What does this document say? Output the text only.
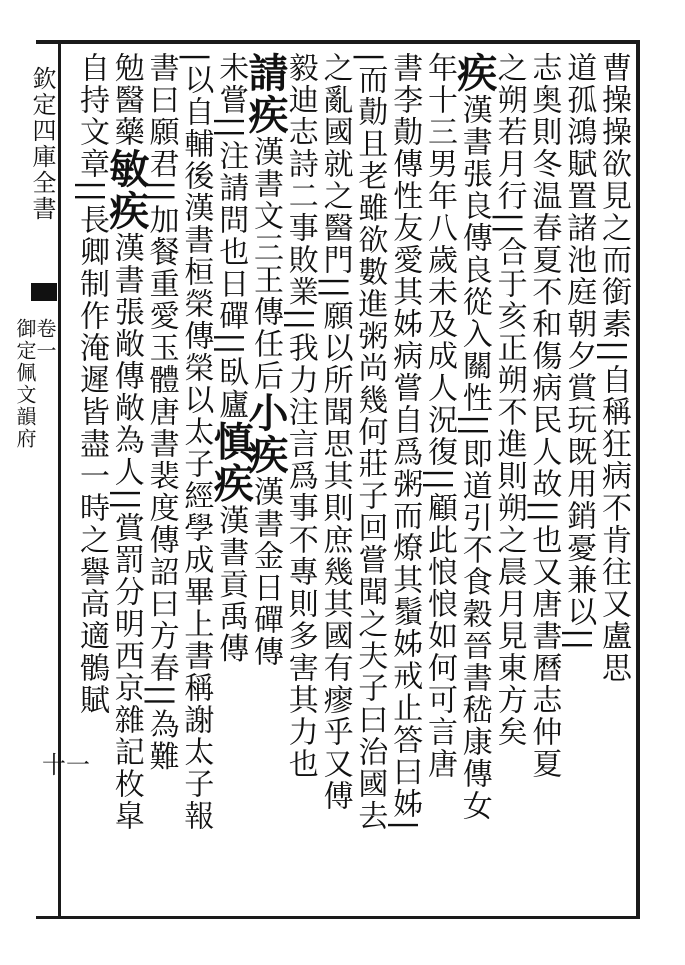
欽定四庫全書
御定佩文韻府
卷一
十一
曹操操欲見之而銜素||自稱狂病不肯往又盧思
道孤鴻賦置諸池庭朝夕賞玩既用銷憂兼以||
志奥則冬温春夏不和傷病民人故||也又唐書曆志仲夏
之朔若月行||合于亥正朔不進則朔之晨月見東方矣
疾漢書張良傳良從入關性||即道引不食穀晉書嵇康傳女
年十三男年八歲未及成人況復||顧此悢悢如何可言唐
書李勣傳性友愛其姊病嘗自爲粥而燎其鬚姊戒止答曰姊|
|而勣且老雖欲數進粥尚幾何莊子回嘗聞之夫子曰治國去
之亂國就之醫門||願以所聞思其則庶幾其國有瘳乎又傅
毅迪志詩二事敗業||我力注言爲事不專則多害其力也
請疾漢書文三王傳任后小疾漢書金日磾傳
未嘗||注請問也日磾||臥廬慎疾漢書貢禹傳
|以自輔後漢書桓榮傳榮以太子經學成畢上書稱謝太子報
書曰願君||加餐重愛玉體唐書裴度傳詔曰方春||為難
勉醫藥敏疾漢書張敞傳敞為人||賞罰分明西京雜記枚皐
自持文章||長卿制作淹遲皆盡一時之譽高適鶻賦
